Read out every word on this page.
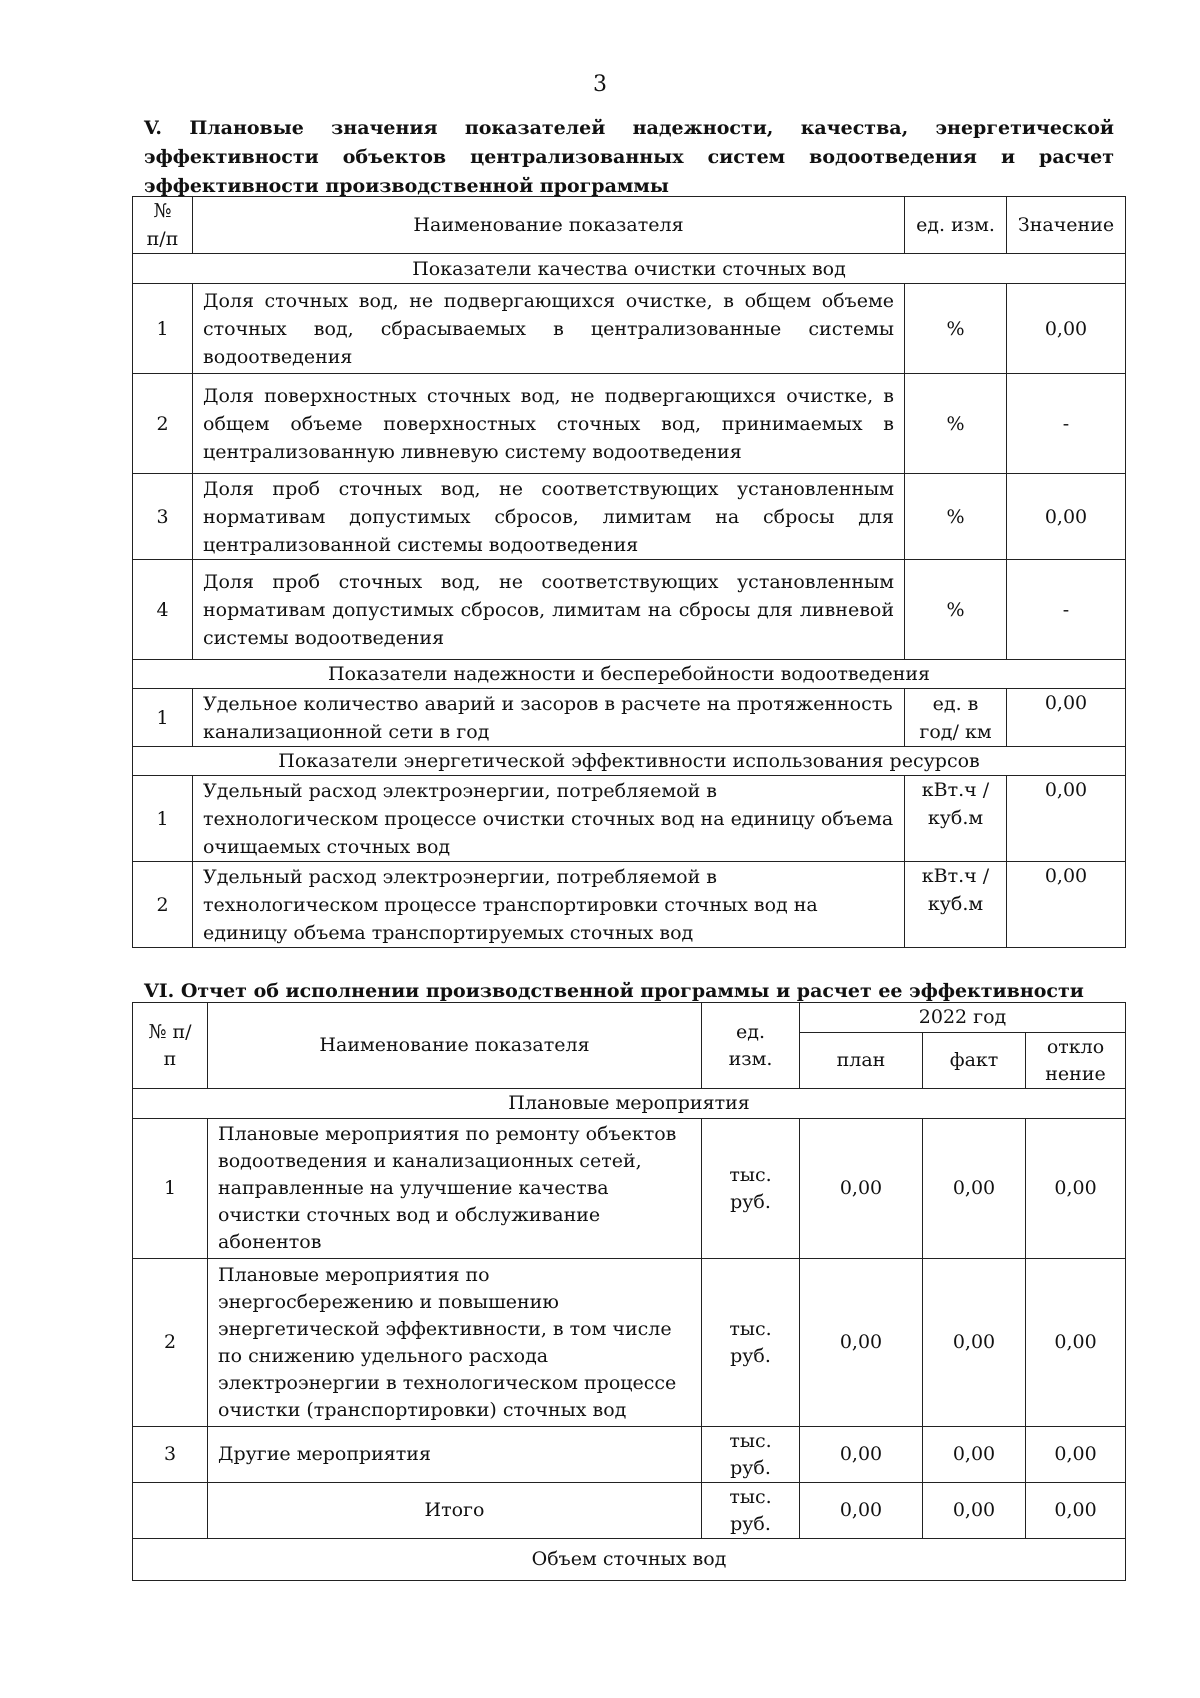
3
V. Плановые значения показателей надежности, качества, энергетической эффективности объектов централизованных систем водоотведения и расчет эффективности производственной программы
№ п/п	Наименование показателя	ед. изм.	Значение
Показатели качества очистки сточных вод			
1	Доля сточных вод, не подвергающихся очистке, в общем объеме сточных вод, сбрасываемых в централизованные системы водоотведения	%	0,00
2	Доля поверхностных сточных вод, не подвергающихся очистке, в общем объеме поверхностных сточных вод, принимаемых в централизованную ливневую систему водоотведения	%	-
3	Доля проб сточных вод, не соответствующих установленным нормативам допустимых сбросов, лимитам на сбросы для централизованной системы водоотведения	%	0,00
4	Доля проб сточных вод, не соответствующих установленным нормативам допустимых сбросов, лимитам на сбросы для ливневой системы водоотведения	%	-
Показатели надежности и бесперебойности водоотведения			
1	Удельное количество аварий и засоров в расчете на протяженность канализационной сети в год	ед. в год/ км	0,00
Показатели энергетической эффективности использования ресурсов			
1	Удельный расход электроэнергии, потребляемой в технологическом процессе очистки сточных вод на единицу объема очищаемых сточных вод	кВт.ч / куб.м	0,00
2	Удельный расход электроэнергии, потребляемой в технологическом процессе транспортировки сточных вод на единицу объема транспортируемых сточных вод	кВт.ч / куб.м	0,00
VI. Отчет об исполнении производственной программы и расчет ее эффективности
№ п/п	Наименование показателя	ед. изм.	2022 год		
			план	факт	откло нение
Плановые мероприятия					
1	Плановые мероприятия по ремонту объектов водоотведения и канализационных сетей, направленные на улучшение качества очистки сточных вод и обслуживание абонентов	тыс. руб.	0,00	0,00	0,00
2	Плановые мероприятия по энергосбережению и повышению энергетической эффективности, в том числе по снижению удельного расхода электроэнергии в технологическом процессе очистки (транспортировки) сточных вод	тыс. руб.	0,00	0,00	0,00
3	Другие мероприятия	тыс. руб.	0,00	0,00	0,00
	Итого	тыс. руб.	0,00	0,00	0,00
Объем сточных вод					
